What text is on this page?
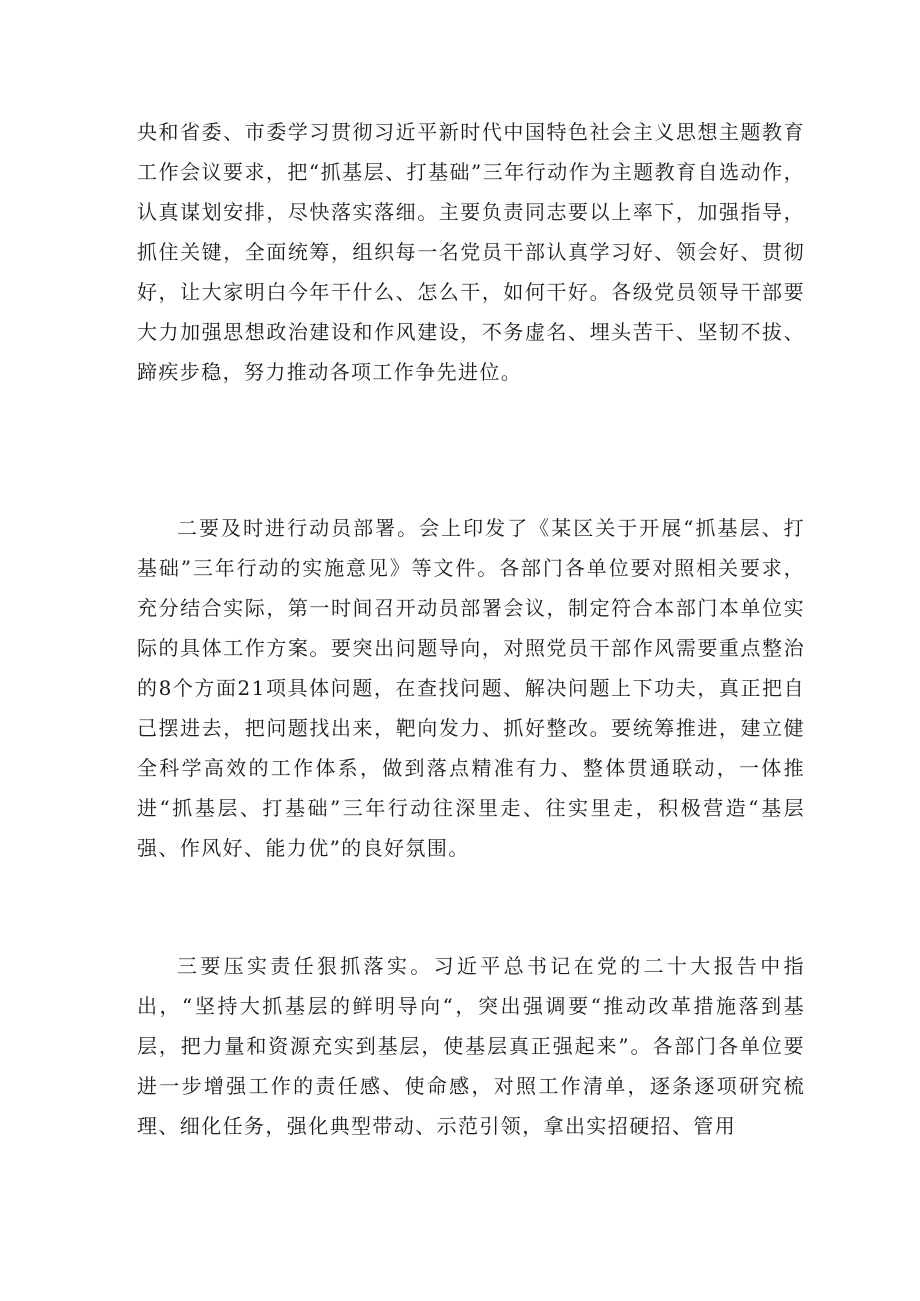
央和省委、市委学习贯彻习近平新时代中国特色社会主义思想主题教育工作会议要求，把“抓基层、打基础”三年行动作为主题教育自选动作，认真谋划安排，尽快落实落细。主要负责同志要以上率下，加强指导，抓住关键，全面统筹，组织每一名党员干部认真学习好、领会好、贯彻好，让大家明白今年干什么、怎么干，如何干好。各级党员领导干部要大力加强思想政治建设和作风建设，不务虚名、埋头苦干、坚韧不拔、蹄疾步稳，努力推动各项工作争先进位。

二要及时进行动员部署。会上印发了《某区关于开展“抓基层、打基础”三年行动的实施意见》等文件。各部门各单位要对照相关要求，充分结合实际，第一时间召开动员部署会议，制定符合本部门本单位实际的具体工作方案。要突出问题导向，对照党员干部作风需要重点整治的8个方面21项具体问题，在查找问题、解决问题上下功夫，真正把自己摆进去，把问题找出来，靶向发力、抓好整改。要统筹推进，建立健全科学高效的工作体系，做到落点精准有力、整体贯通联动，一体推进“抓基层、打基础”三年行动往深里走、往实里走，积极营造“基层强、作风好、能力优”的良好氛围。

三要压实责任狠抓落实。习近平总书记在党的二十大报告中指出，“坚持大抓基层的鲜明导向“，突出强调要“推动改革措施落到基层，把力量和资源充实到基层，使基层真正强起来”。各部门各单位要进一步增强工作的责任感、使命感，对照工作清单，逐条逐项研究梳理、细化任务，强化典型带动、示范引领，拿出实招硬招、管用
